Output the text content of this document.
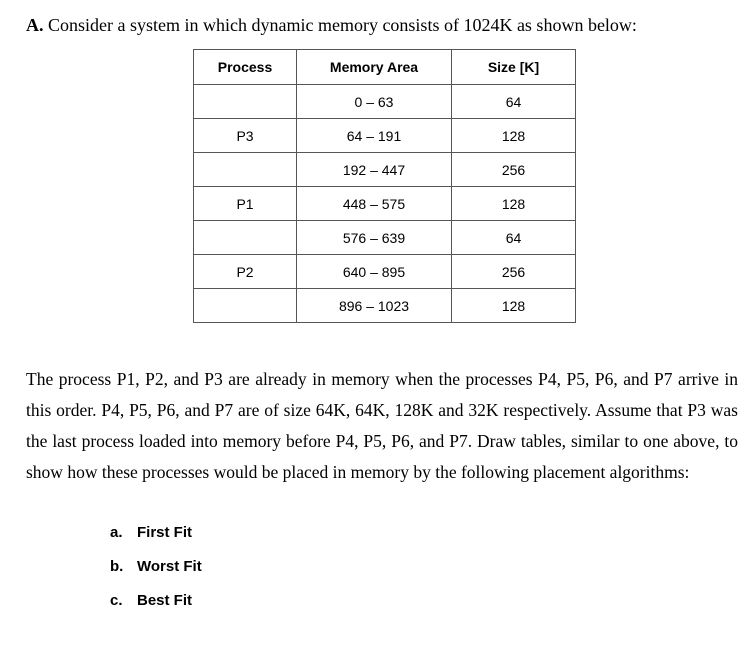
A. Consider a system in which dynamic memory consists of 1024K as shown below:
Process	Memory Area	Size [K]
	0 – 63	64
P3	64 – 191	128
	192 – 447	256
P1	448 – 575	128
	576 – 639	64
P2	640 – 895	256
	896 – 1023	128

The process P1, P2, and P3 are already in memory when the processes P4, P5, P6, and P7 arrive in this order. P4, P5, P6, and P7 are of size 64K, 64K, 128K and 32K respectively. Assume that P3 was the last process loaded into memory before P4, P5, P6, and P7. Draw tables, similar to one above, to show how these processes would be placed in memory by the following placement algorithms:

a. First Fit
b. Worst Fit
c. Best Fit
